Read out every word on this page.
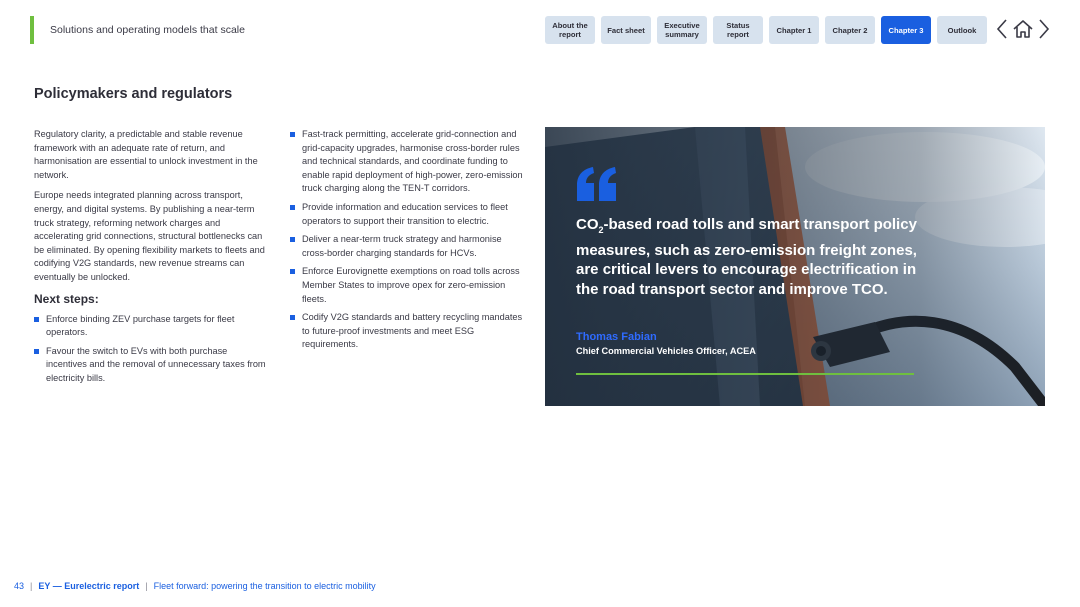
Solutions and operating models that scale	About the report	Fact sheet	Executive summary
Status report	Chapter 1	Chapter 2	Chapter 3	Outlook
Policymakers and regulators

Regulatory clarity, a predictable and stable revenue framework with an adequate rate of return, and harmonisation are essential to unlock investment in the network.

Europe needs integrated planning across transport, energy, and digital systems. By publishing a near-term truck strategy, reforming network charges and accelerating grid connections, structural bottlenecks can be eliminated. By opening flexibility markets to fleets and codifying V2G standards, new revenue streams can eventually be unlocked.

Next steps:
Enforce binding ZEV purchase targets for fleet operators.
Favour the switch to EVs with both purchase incentives and the removal of unnecessary taxes from electricity bills.
Fast-track permitting, accelerate grid-connection and grid-capacity upgrades, harmonise cross-border rules and technical standards, and coordinate funding to enable rapid deployment of high-power, zero-emission truck charging along the TEN-T corridors.
Provide information and education services to fleet operators to support their transition to electric.
Deliver a near-term truck strategy and harmonise cross-border charging standards for HCVs.
Enforce Eurovignette exemptions on road tolls across Member States to improve opex for zero-emission fleets.
Codify V2G standards and battery recycling mandates to future-proof investments and meet ESG requirements.
$CO_2$-based road tolls and smart transport policy measures, such as zero-emission freight zones, are critical levers to encourage electrification in the road transport sector and improve TCO.
Thomas Fabian
Chief Commercial Vehicles Officer, ACEA
43 | EY — Eurelectric report | Fleet forward: powering the transition to electric mobility
